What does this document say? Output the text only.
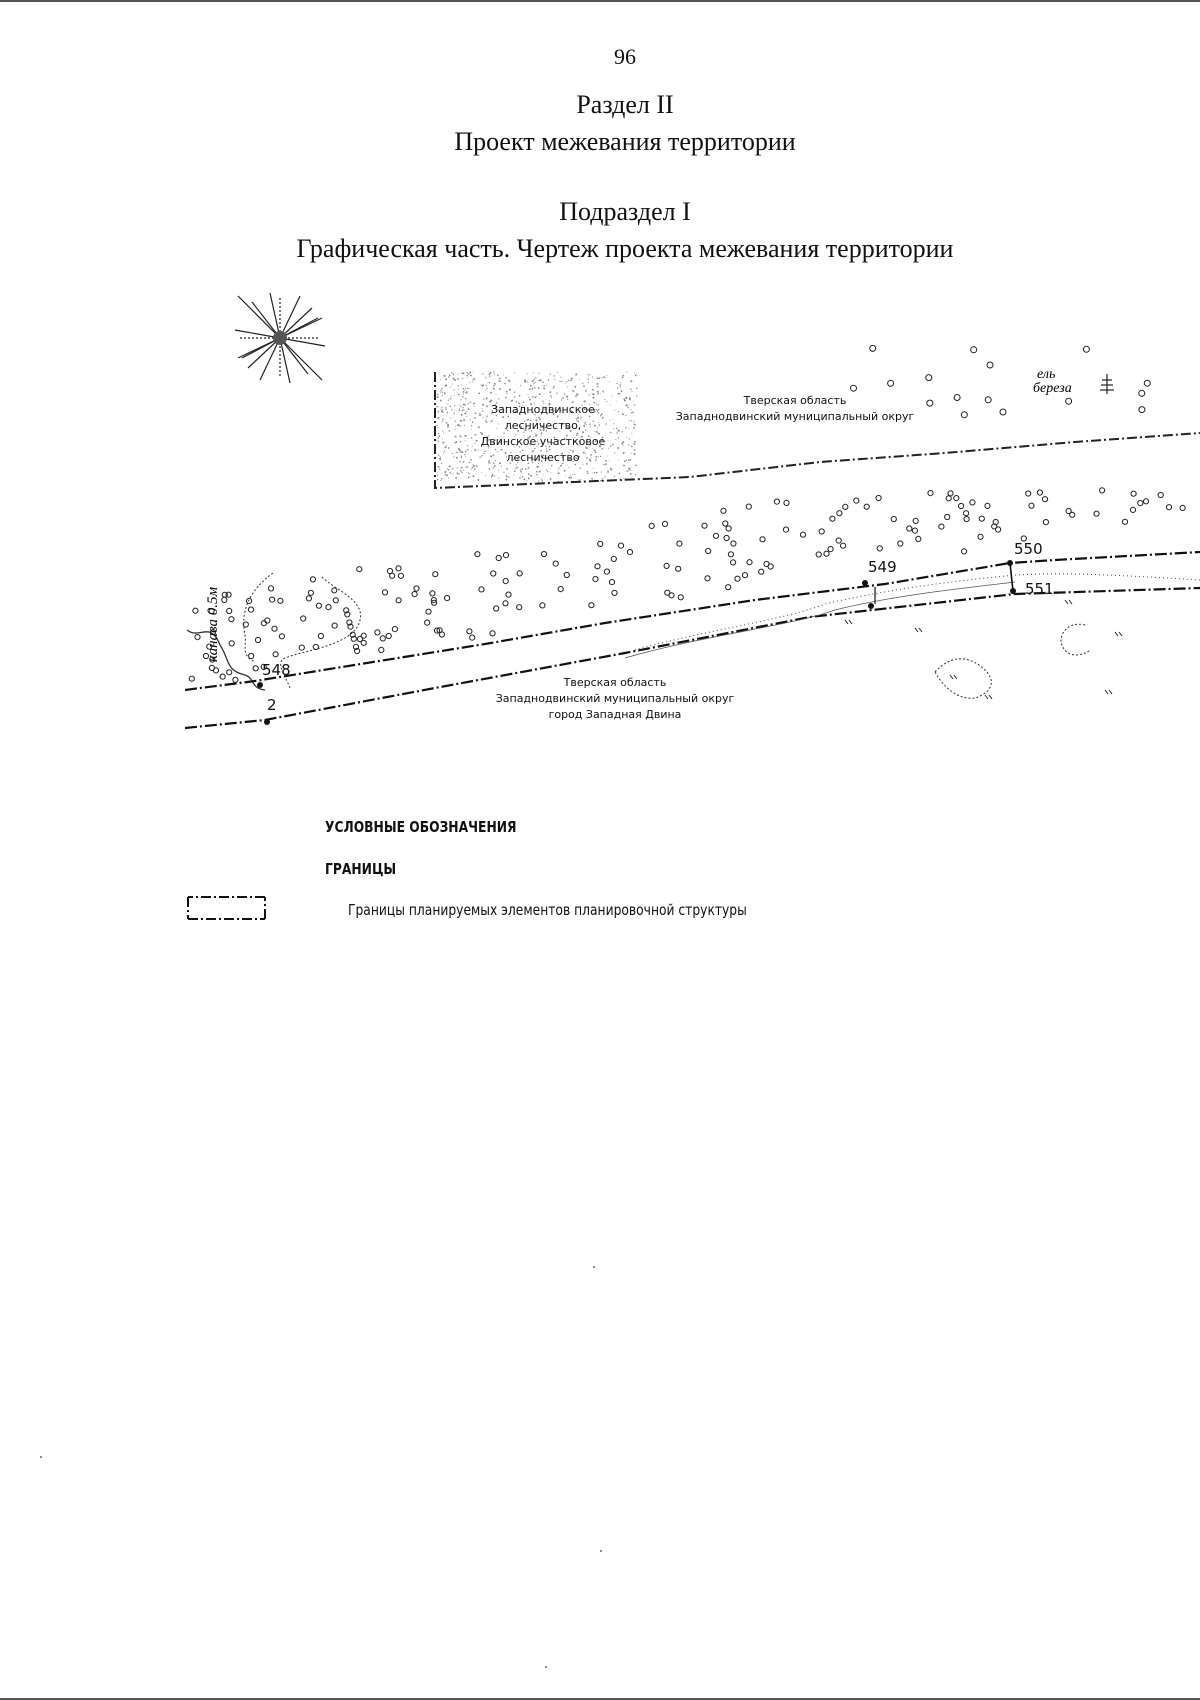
96
Раздел II
Проект межевания территории
Подраздел I
Графическая часть. Чертеж проекта межевания территории
Западнодвинское
лесничество,
Двинское участковое
лесничество
Тверская область
Западнодвинский муниципальный округ
Тверская область
Западнодвинский муниципальный округ
город Западная Двина
канава 0.5м
ель
береза
548
2
549
550
551
УСЛОВНЫЕ ОБОЗНАЧЕНИЯ
ГРАНИЦЫ
Границы планируемых элементов планировочной структуры
